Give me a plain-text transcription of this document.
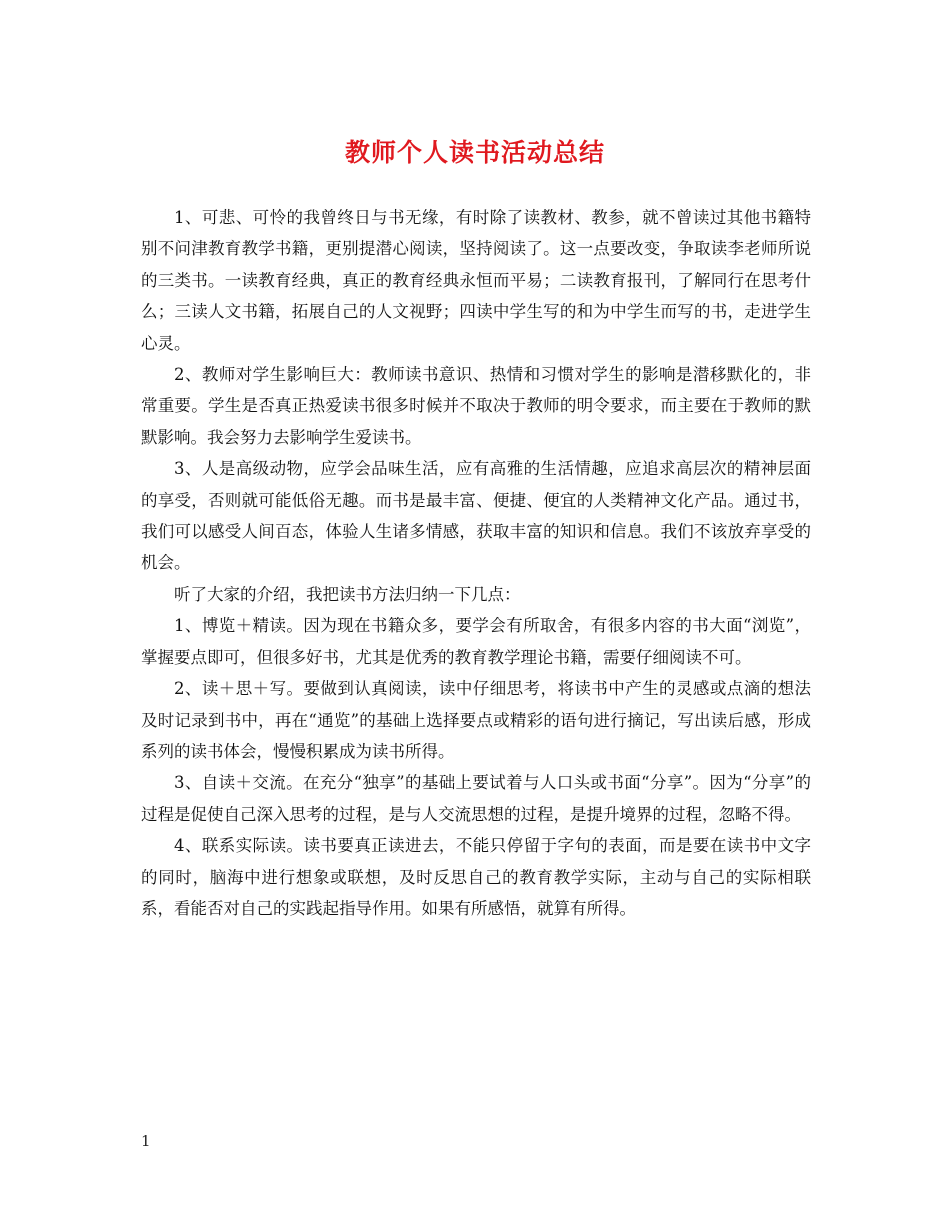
教师个人读书活动总结

1、可悲、可怜的我曾终日与书无缘，有时除了读教材、教参，就不曾读过其他书籍特别不问津教育教学书籍，更别提潜心阅读，坚持阅读了。这一点要改变，争取读李老师所说的三类书。一读教育经典，真正的教育经典永恒而平易；二读教育报刊，了解同行在思考什么；三读人文书籍，拓展自己的人文视野；四读中学生写的和为中学生而写的书，走进学生心灵。

2、教师对学生影响巨大：教师读书意识、热情和习惯对学生的影响是潜移默化的，非常重要。学生是否真正热爱读书很多时候并不取决于教师的明令要求，而主要在于教师的默默影响。我会努力去影响学生爱读书。

3、人是高级动物，应学会品味生活，应有高雅的生活情趣，应追求高层次的精神层面的享受，否则就可能低俗无趣。而书是最丰富、便捷、便宜的人类精神文化产品。通过书，我们可以感受人间百态，体验人生诸多情感，获取丰富的知识和信息。我们不该放弃享受的机会。

听了大家的介绍，我把读书方法归纳一下几点：

1、博览＋精读。因为现在书籍众多，要学会有所取舍，有很多内容的书大面“浏览”，掌握要点即可，但很多好书，尤其是优秀的教育教学理论书籍，需要仔细阅读不可。

2、读＋思＋写。要做到认真阅读，读中仔细思考，将读书中产生的灵感或点滴的想法及时记录到书中，再在“通览”的基础上选择要点或精彩的语句进行摘记，写出读后感，形成系列的读书体会，慢慢积累成为读书所得。

3、自读＋交流。在充分“独享”的基础上要试着与人口头或书面“分享”。因为“分享”的过程是促使自己深入思考的过程，是与人交流思想的过程，是提升境界的过程，忽略不得。

4、联系实际读。读书要真正读进去，不能只停留于字句的表面，而是要在读书中文字的同时，脑海中进行想象或联想，及时反思自己的教育教学实际，主动与自己的实际相联系，看能否对自己的实践起指导作用。如果有所感悟，就算有所得。

1
